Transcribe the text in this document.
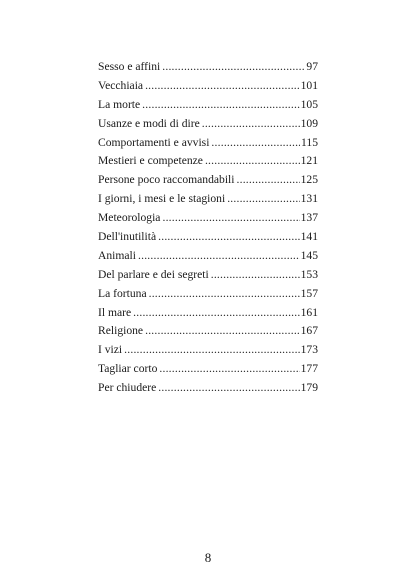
Sesso e affini .....	97
Vecchiaia .....	101
La morte .....	105
Usanze e modi di dire .....	109
Comportamenti e avvisi .....	115
Mestieri e competenze .....	121
Persone poco raccomandabili .....	125
I giorni, i mesi e le stagioni .....	131
Meteorologia .....	137
Dell'inutilità .....	141
Animali .....	145
Del parlare e dei segreti .....	153
La fortuna .....	157
Il mare .....	161
Religione .....	167
I vizi .....	173
Tagliar corto .....	177
Per chiudere .....	179
8
